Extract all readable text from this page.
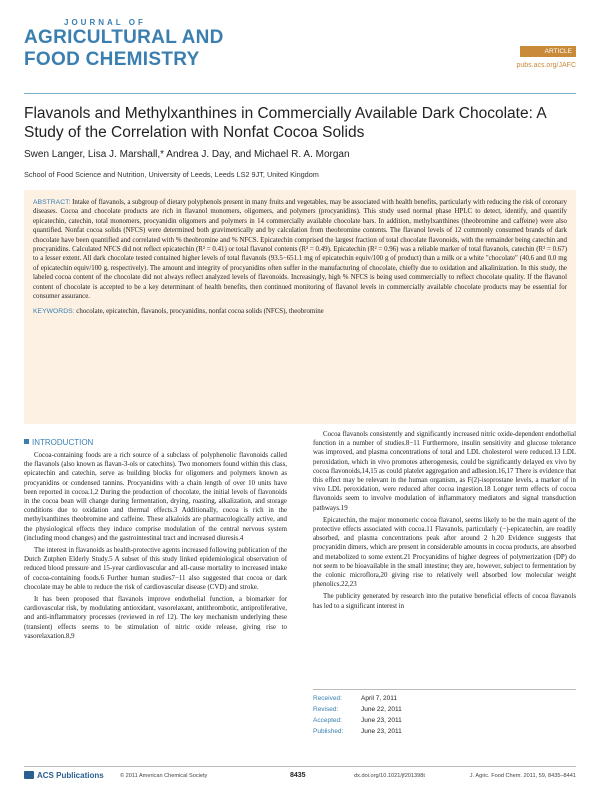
JOURNAL OF
AGRICULTURAL AND
FOOD CHEMISTRY	ARTICLE
pubs.acs.org/JAFC
Flavanols and Methylxanthines in Commercially Available Dark Chocolate: A Study of the Correlation with Nonfat Cocoa Solids
Swen Langer, Lisa J. Marshall,* Andrea J. Day, and Michael R. A. Morgan
School of Food Science and Nutrition, University of Leeds, Leeds LS2 9JT, United Kingdom

ABSTRACT: Intake of flavanols, a subgroup of dietary polyphenols present in many fruits and vegetables, may be associated with health benefits, particularly with reducing the risk of coronary diseases. Cocoa and chocolate products are rich in flavanol monomers, oligomers, and polymers (procyanidins). This study used normal phase HPLC to detect, identify, and quantify epicatechin, catechin, total monomers, procyanidin oligomers and polymers in 14 commercially available chocolate bars. In addition, methylxanthines (theobromine and caffeine) were also quantified. Nonfat cocoa solids (NFCS) were determined both gravimetrically and by calculation from theobromine contents. The flavanol levels of 12 commonly consumed brands of dark chocolate have been quantified and correlated with % theobromine and % NFCS. Epicatechin comprised the largest fraction of total chocolate flavonoids, with the remainder being catechin and procyanidins. Calculated NFCS did not reflect epicatechin (R² = 0.41) or total flavanol contents (R² = 0.49). Epicatechin (R² = 0.96) was a reliable marker of total flavanols, catechin (R² = 0.67) to a lesser extent. All dark chocolate tested contained higher levels of total flavanols (93.5−651.1 mg of epicatechin equiv/100 g of product) than a milk or a white "chocolate" (40.6 and 0.0 mg of epicatechin equiv/100 g, respectively). The amount and integrity of procyanidins often suffer in the manufacturing of chocolate, chiefly due to oxidation and alkalinization. In this study, the labeled cocoa content of the chocolate did not always reflect analyzed levels of flavonoids. Increasingly, high % NFCS is being used commercially to reflect chocolate quality. If the flavanol content of chocolate is accepted to be a key determinant of health benefits, then continued monitoring of flavanol levels in commercially available chocolate products may be essential for consumer assurance.

KEYWORDS: chocolate, epicatechin, flavanols, procyanidins, nonfat cocoa solids (NFCS), theobromine

INTRODUCTION

Cocoa-containing foods are a rich source of a subclass of polyphenolic flavonoids called the flavanols (also known as flavan-3-ols or catechins). Two monomers found within this class, epicatechin and catechin, serve as building blocks for oligomers and polymers known as procyanidins or condensed tannins. Procyanidins with a chain length of over 10 units have been reported in cocoa.1,2 During the production of chocolate, the initial levels of flavonoids in the cocoa bean will change during fermentation, drying, roasting, alkalization, and storage conditions due to oxidation and thermal effects.3 Additionally, cocoa is rich in the methylxanthines theobromine and caffeine. These alkaloids are pharmacologically active, and the physiological effects they induce comprise modulation of the central nervous system (including mood changes) and the gastrointestinal tract and increased diuresis.4

The interest in flavanoids as health-protective agents increased following publication of the Dutch Zutphen Elderly Study.5 A subset of this study linked epidemiological observation of reduced blood pressure and 15-year cardiovascular and all-cause mortality to increased intake of cocoa-containing foods.6 Further human studies7−11 also suggested that cocoa or dark chocolate may be able to reduce the risk of cardiovascular disease (CVD) and stroke.

It has been proposed that flavanols improve endothelial function, a biomarker for cardiovascular risk, by modulating antioxidant, vasorelaxant, antithrombotic, antiproliferative, and anti-inflammatory processes (reviewed in ref 12). The key mechanism underlying these (transient) effects seems to be stimulation of nitric oxide release, giving rise to vasorelaxation.8,9

Cocoa flavanols consistently and significantly increased nitric oxide-dependent endothelial function in a number of studies.8−11 Furthermore, insulin sensitivity and glucose tolerance was improved, and plasma concentrations of total and LDL cholesterol were reduced.13 LDL peroxidation, which in vivo promotes atherogenesis, could be significantly delayed ex vivo by cocoa flavonoids,14,15 as could platelet aggregation and adhesion.16,17 There is evidence that this effect may be relevant in the human organism, as F(2)-isoprostane levels, a marker of in vivo LDL peroxidation, were reduced after cocoa ingestion.18 Longer term effects of cocoa flavonoids seem to involve modulation of inflammatory mediators and signal transduction pathways.19

Epicatechin, the major monomeric cocoa flavanol, seems likely to be the main agent of the protective effects associated with cocoa.11 Flavanols, particularly (−)-epicatechin, are readily absorbed, and plasma concentrations peak after around 2 h.20 Evidence suggests that procyanidin dimers, which are present in considerable amounts in cocoa products, are absorbed and metabolized to some extent.21 Procyanidins of higher degrees of polymerization (DP) do not seem to be bioavailable in the small intestine; they are, however, subject to fermentation by the colonic microflora,20 giving rise to relatively well absorbed low molecular weight phenolics.22,23

The publicity generated by research into the putative beneficial effects of cocoa flavanols has led to a significant interest in

Received:	April 7, 2011
Revised:	June 22, 2011
Accepted:	June 23, 2011
Published:	June 23, 2011
ACS Publications	© 2011 American Chemical Society	8435	dx.doi.org/10.1021/jf201398t	J. Agric. Food Chem. 2011, 59, 8435–8441
